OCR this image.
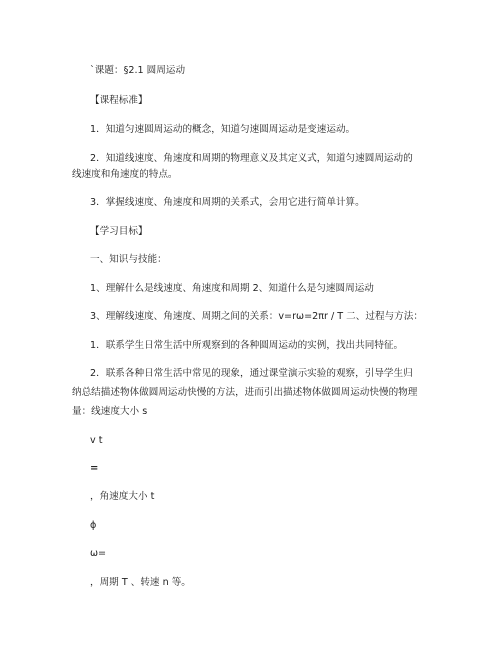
`课题：§2.1 圆周运动
【课程标准】
1．知道匀速圆周运动的概念，知道匀速圆周运动是变速运动。
2．知道线速度、角速度和周期的物理意义及其定义式，知道匀速圆周运动的
线速度和角速度的特点。
3．掌握线速度、角速度和周期的关系式，会用它进行简单计算。
【学习目标】
一、知识与技能：
1、理解什么是线速度、角速度和周期 2、知道什么是匀速圆周运动
3、理解线速度、角速度、周期之间的关系：v=rω=2πr / T 二、过程与方法：
1．联系学生日常生活中所观察到的各种圆周运动的实例，找出共同特征。
2．联系各种日常生活中常见的现象，通过课堂演示实验的观察，引导学生归
纳总结描述物体做圆周运动快慢的方法，进而引出描述物体做圆周运动快慢的物理
量：线速度大小 s
v t
=
，角速度大小 t
ϕ
ω=
，周期 T 、转速 n 等。
